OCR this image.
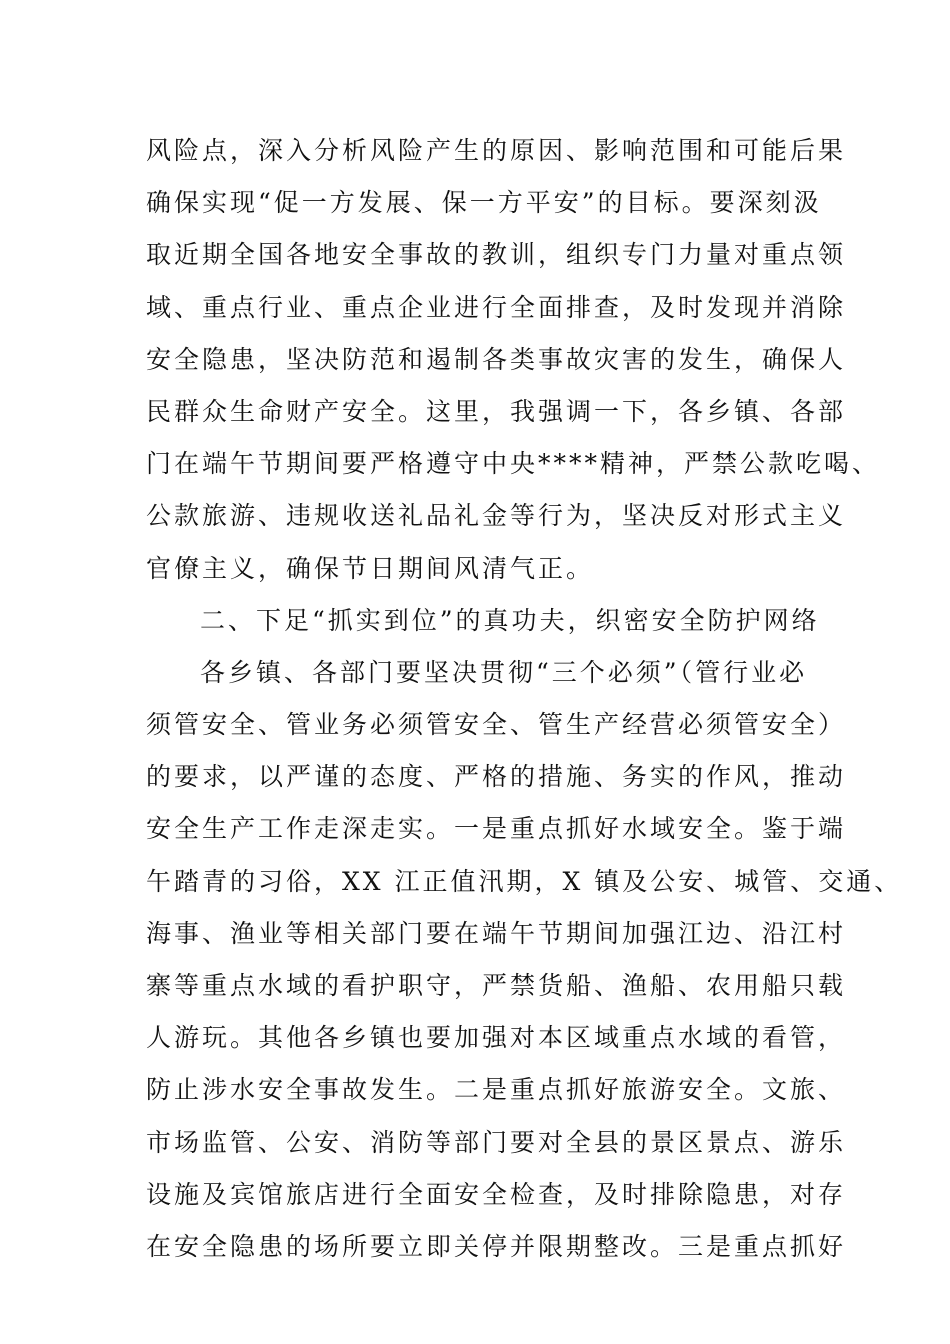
风险点，深入分析风险产生的原因、影响范围和可能后果
确保实现“促一方发展、保一方平安”的目标。要深刻汲
取近期全国各地安全事故的教训，组织专门力量对重点领
域、重点行业、重点企业进行全面排查，及时发现并消除
安全隐患，坚决防范和遏制各类事故灾害的发生，确保人
民群众生命财产安全。这里，我强调一下，各乡镇、各部
门在端午节期间要严格遵守中央****精神，严禁公款吃喝、
公款旅游、违规收送礼品礼金等行为，坚决反对形式主义
官僚主义，确保节日期间风清气正。
二、下足“抓实到位”的真功夫，织密安全防护网络
各乡镇、各部门要坚决贯彻“三个必须”（管行业必
须管安全、管业务必须管安全、管生产经营必须管安全）
的要求，以严谨的态度、严格的措施、务实的作风，推动
安全生产工作走深走实。一是重点抓好水域安全。鉴于端
午踏青的习俗，XX 江正值汛期，X 镇及公安、城管、交通、
海事、渔业等相关部门要在端午节期间加强江边、沿江村
寨等重点水域的看护职守，严禁货船、渔船、农用船只载
人游玩。其他各乡镇也要加强对本区域重点水域的看管，
防止涉水安全事故发生。二是重点抓好旅游安全。文旅、
市场监管、公安、消防等部门要对全县的景区景点、游乐
设施及宾馆旅店进行全面安全检查，及时排除隐患，对存
在安全隐患的场所要立即关停并限期整改。三是重点抓好
